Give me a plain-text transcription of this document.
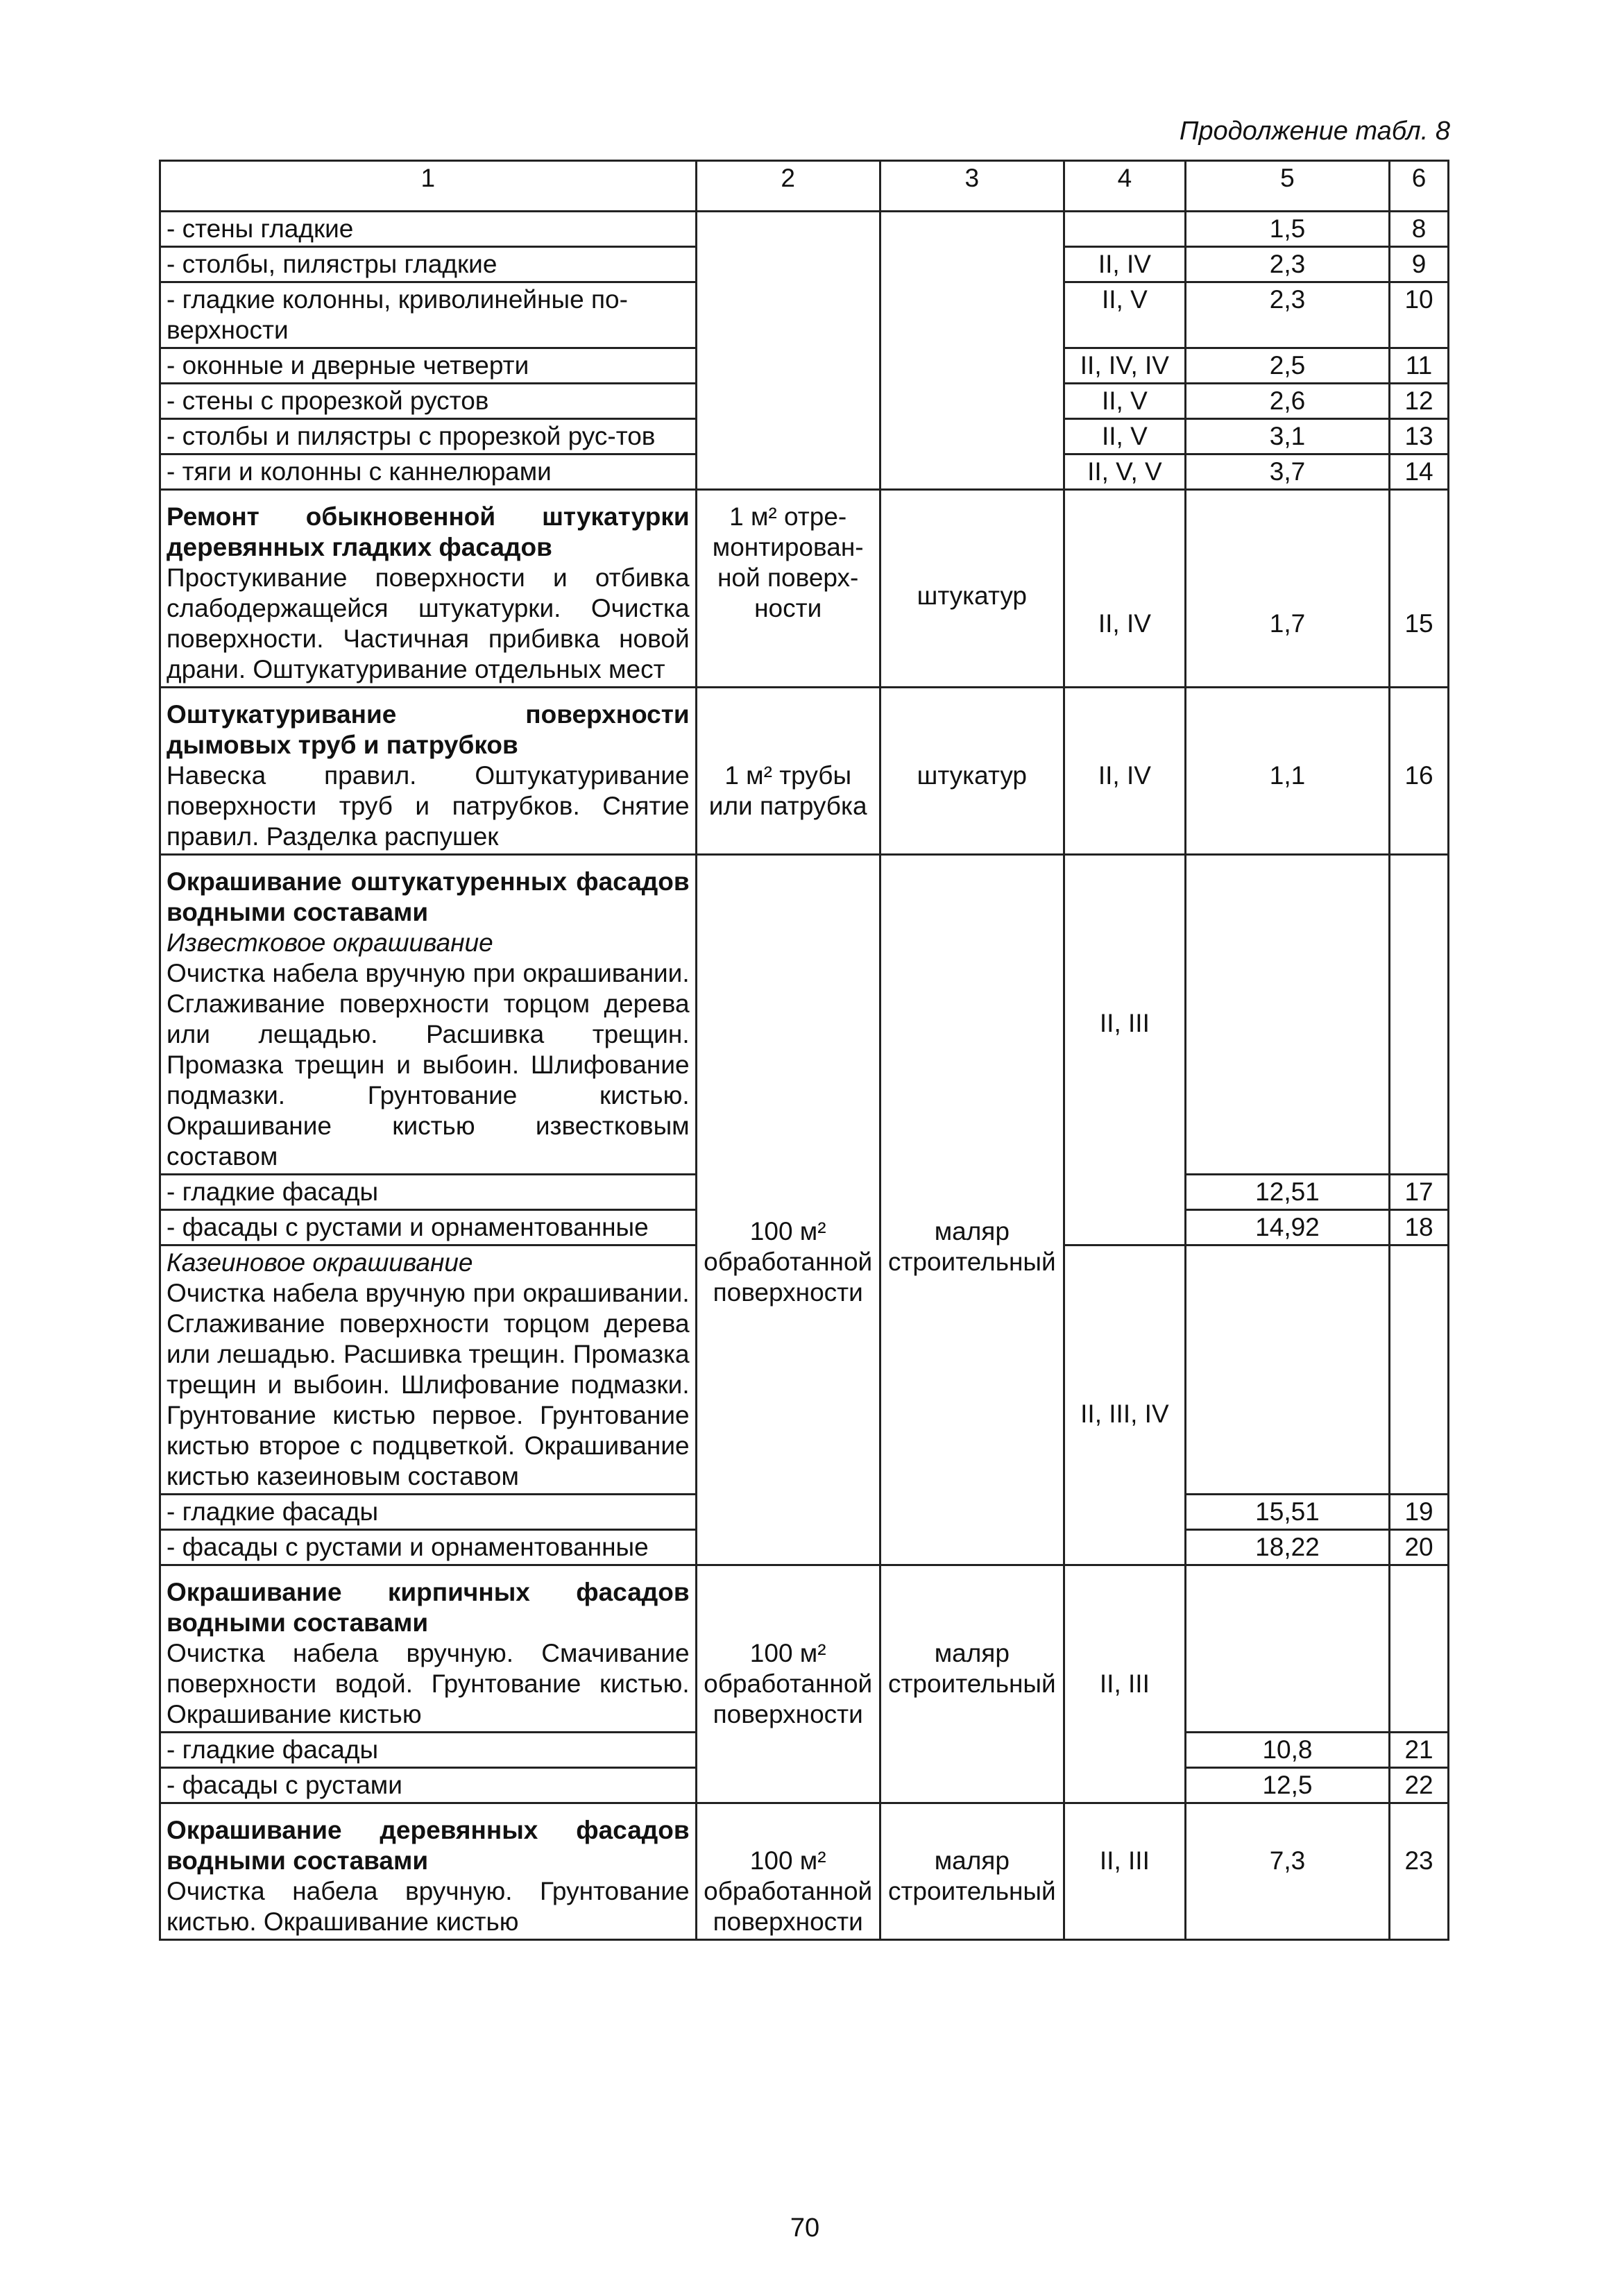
Продолжение табл. 8
1	2	3	4	5	6
- стены гладкие				1,5	8
- столбы, пилястры гладкие			II, IV	2,3	9
- гладкие колонны, криволинейные по-верхности			II, V	2,3	10
- оконные и дверные четверти			II, IV, IV	2,5	11
- стены с прорезкой рустов			II, V	2,6	12
- столбы и пилястры с прорезкой рус-тов			II, V	3,1	13
- тяги и колонны с каннелюрами			II, V, V	3,7	14

Ремонт обыкновенной штукатурки деревянных гладких фасадов
Простукивание поверхности и отбивка слабодержащейся штукатурки. Очистка поверхности. Частичная прибивка новой драни. Оштукатуривание отдельных мест	1 м² отре-монтирован-ной поверх-ности	штукатур	II, IV	1,7	15

Оштукатуривание поверхности дымовых труб и патрубков
Навеска правил. Оштукатуривание поверхности труб и патрубков. Снятие правил. Разделка распушек	1 м² трубы или патрубка	штукатур	II, IV	1,1	16

Окрашивание оштукатуренных фасадов водными составами
Известковое окрашивание
Очистка набела вручную при окрашивании. Сглаживание поверхности торцом дерева или лещадью. Расшивка трещин. Промазка трещин и выбоин. Шлифование подмазки. Грунтование кистью. Окрашивание кистью известковым составом	100 м² обработанной поверхности	маляр строительный	II, III		
- гладкие фасады				12,51	17
- фасады с рустами и орнаментованные				14,92	18

Казеиновое окрашивание
Очистка набела вручную при окрашивании. Сглаживание поверхности торцом дерева или лешадью. Расшивка трещин. Промазка трещин и выбоин. Шлифование подмазки. Грунтование кистью первое. Грунтование кистью второе с подцветкой. Окрашивание кистью казеиновым составом			II, III, IV		
- гладкие фасады				15,51	19
- фасады с рустами и орнаментованные				18,22	20

Окрашивание кирпичных фасадов водными составами
Очистка набела вручную. Смачивание поверхности водой. Грунтование кистью. Окрашивание кистью	100 м² обработанной поверхности	маляр строительный	II, III		
- гладкие фасады				10,8	21
- фасады с рустами				12,5	22

Окрашивание деревянных фасадов водными составами
Очистка набела вручную. Грунтование кистью. Окрашивание кистью	100 м² обработанной поверхности	маляр строительный	II, III	7,3	23
70
